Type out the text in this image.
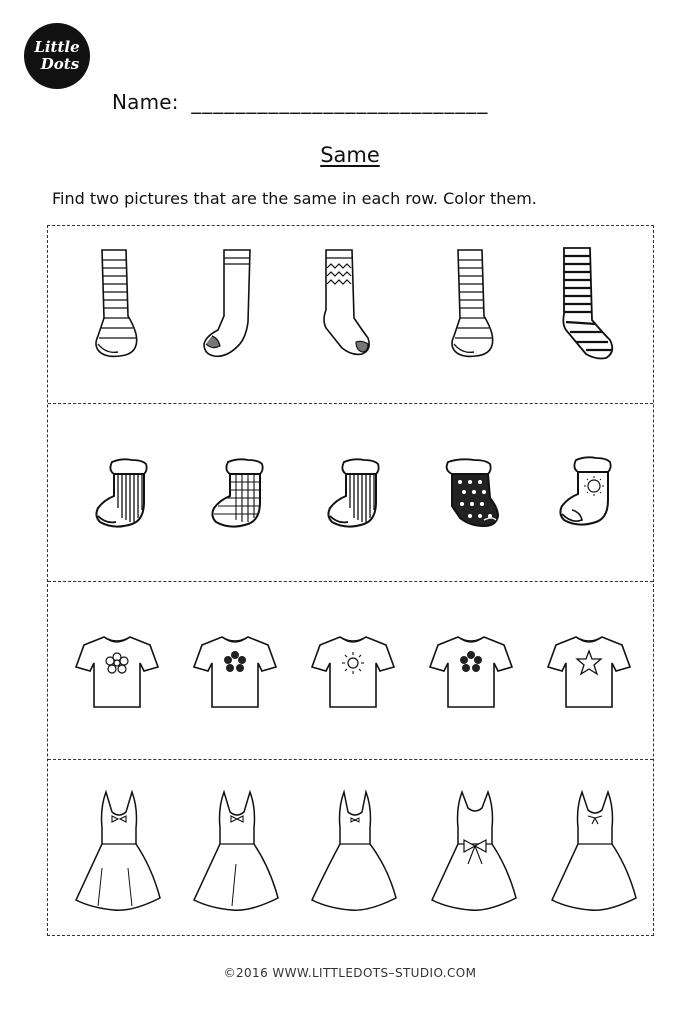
Little
Dots
Name: ___________________________
Same
Find two pictures that are the same in each row. Color them.
©2016 WWW.LITTLEDOTS–STUDIO.COM
